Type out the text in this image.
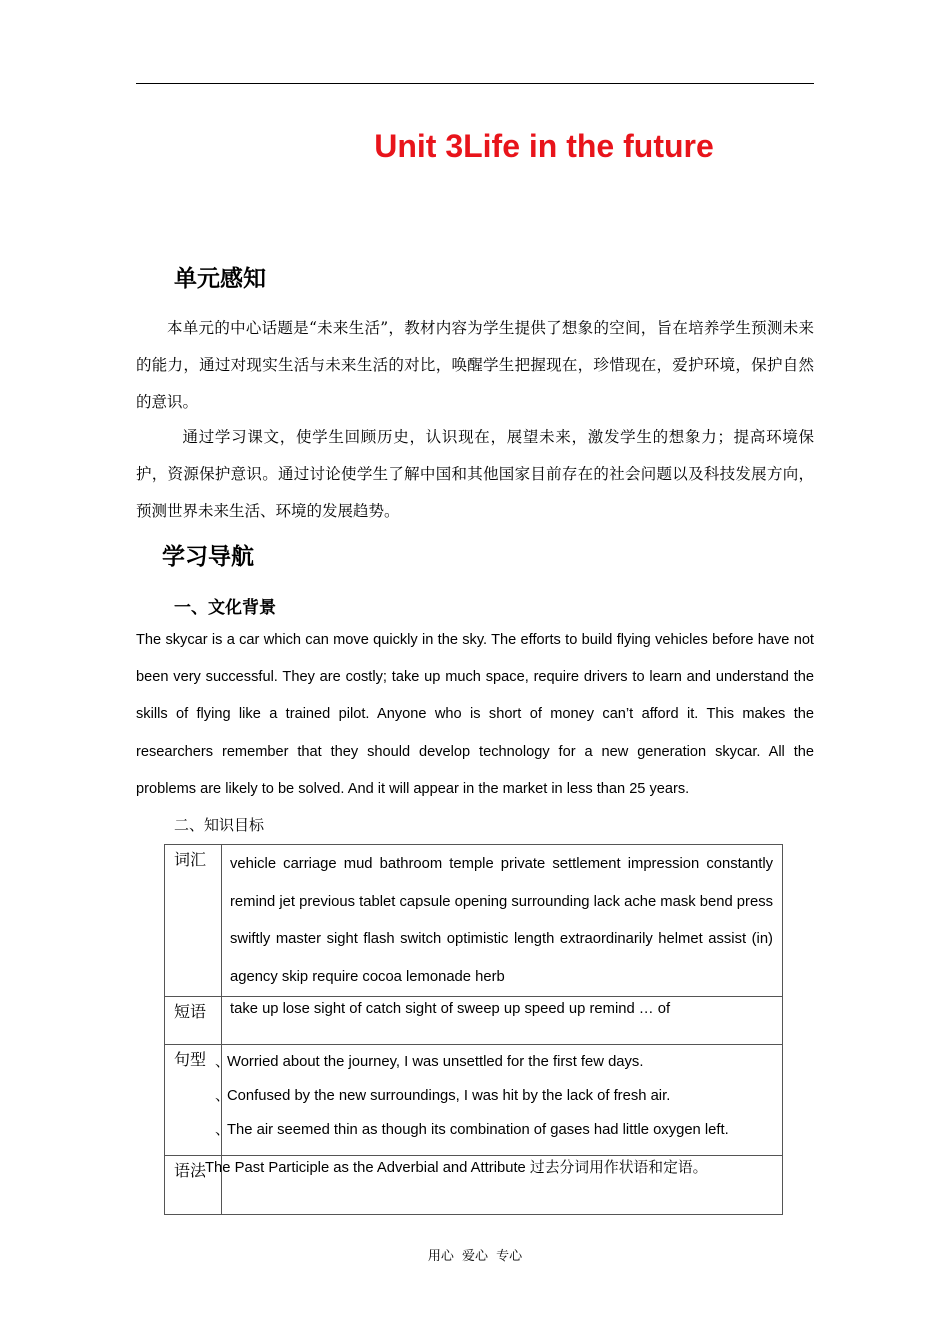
Unit 3Life in the future
单元感知

本单元的中心话题是“未来生活”，教材内容为学生提供了想象的空间，旨在培养学生预测未来的能力，通过对现实生活与未来生活的对比，唤醒学生把握现在，珍惜现在，爱护环境，保护自然的意识。

通过学习课文，使学生回顾历史，认识现在，展望未来，激发学生的想象力；提高环境保护，资源保护意识。通过讨论使学生了解中国和其他国家目前存在的社会问题以及科技发展方向，预测世界未来生活、环境的发展趋势。

学习导航
一、文化背景

The skycar is a car which can move quickly in the sky. The efforts to build flying vehicles before have not been very successful. They are costly; take up much space, require drivers to learn and understand the skills of flying like a trained pilot. Anyone who is short of money can’t afford it. This makes the researchers remember that they should develop technology for a new generation skycar. All the problems are likely to be solved. And it will appear in the market in less than 25 years.

二、知识目标

词汇	vehicle carriage mud bathroom temple private settlement impression constantly remind jet previous tablet capsule opening surrounding lack ache mask bend press swiftly master sight flash switch optimistic length extraordinarily helmet assist (in) agency skip require cocoa lemonade herb

短语	take up lose sight of catch sight of sweep up speed up remind … of

句型	、Worried about the journey, I was unsettled for the first few days.
、Confused by the new surroundings, I was hit by the lack of fresh air.
、The air seemed thin as though its combination of gases had little oxygen left.

语法	The Past Participle as the Adverbial and Attribute 过去分词用作状语和定语。
用心 爱心 专心
